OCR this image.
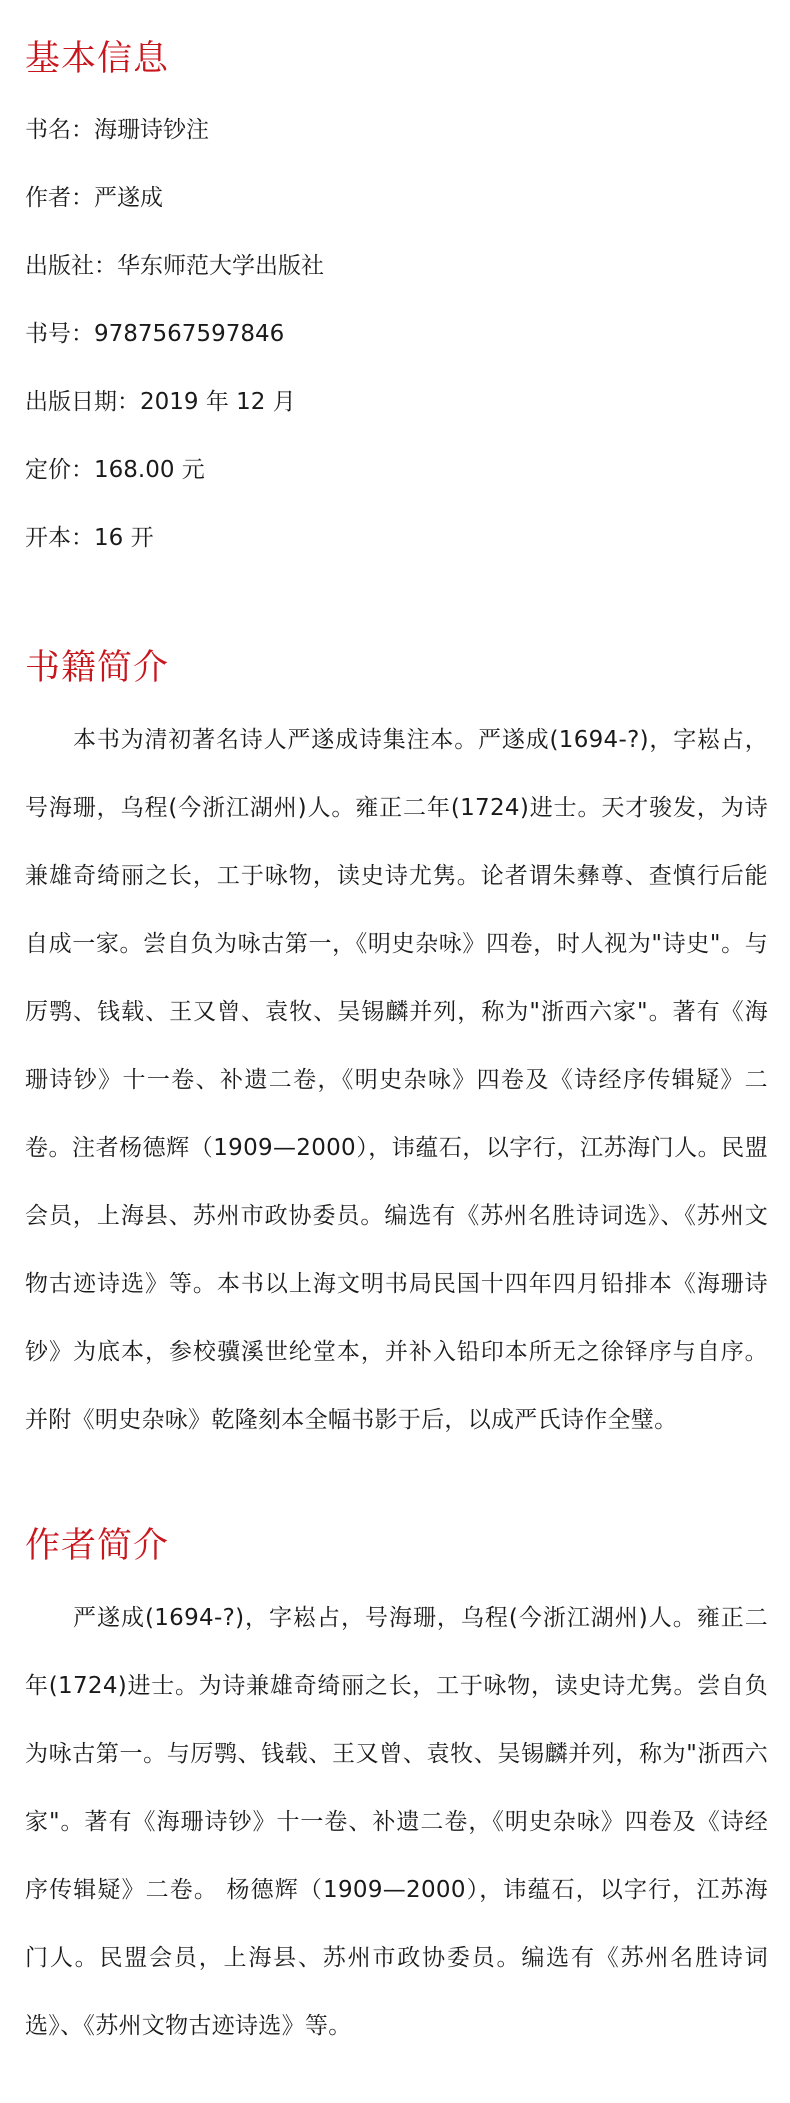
基本信息
书名：海珊诗钞注
作者：严遂成
出版社：华东师范大学出版社
书号：9787567597846
出版日期：2019 年 12 月
定价：168.00 元
开本：16 开
书籍简介

本书为清初著名诗人严遂成诗集注本。严遂成(1694-?)，字崧占，号海珊，乌程(今浙江湖州)人。雍正二年(1724)进士。天才骏发，为诗兼雄奇绮丽之长，工于咏物，读史诗尤隽。论者谓朱彝尊、查慎行后能自成一家。尝自负为咏古第一，《明史杂咏》四卷，时人视为"诗史"。与厉鹗、钱载、王又曾、袁牧、吴锡麟并列，称为"浙西六家"。著有《海珊诗钞》十一卷、补遗二卷，《明史杂咏》四卷及《诗经序传辑疑》二卷。注者杨德辉（1909—2000），讳蕴石，以字行，江苏海门人。民盟会员，上海县、苏州市政协委员。编选有《苏州名胜诗词选》、《苏州文物古迹诗选》等。本书以上海文明书局民国十四年四月铅排本《海珊诗钞》为底本，参校骥溪世纶堂本，并补入铅印本所无之徐铎序与自序。并附《明史杂咏》乾隆刻本全幅书影于后，以成严氏诗作全璧。

作者简介

严遂成(1694-?)，字崧占，号海珊，乌程(今浙江湖州)人。雍正二年(1724)进士。为诗兼雄奇绮丽之长，工于咏物，读史诗尤隽。尝自负为咏古第一。与厉鹗、钱载、王又曾、袁牧、吴锡麟并列，称为"浙西六家"。著有《海珊诗钞》十一卷、补遗二卷，《明史杂咏》四卷及《诗经序传辑疑》二卷。 杨德辉（1909—2000），讳蕴石，以字行，江苏海门人。民盟会员，上海县、苏州市政协委员。编选有《苏州名胜诗词选》、《苏州文物古迹诗选》等。
